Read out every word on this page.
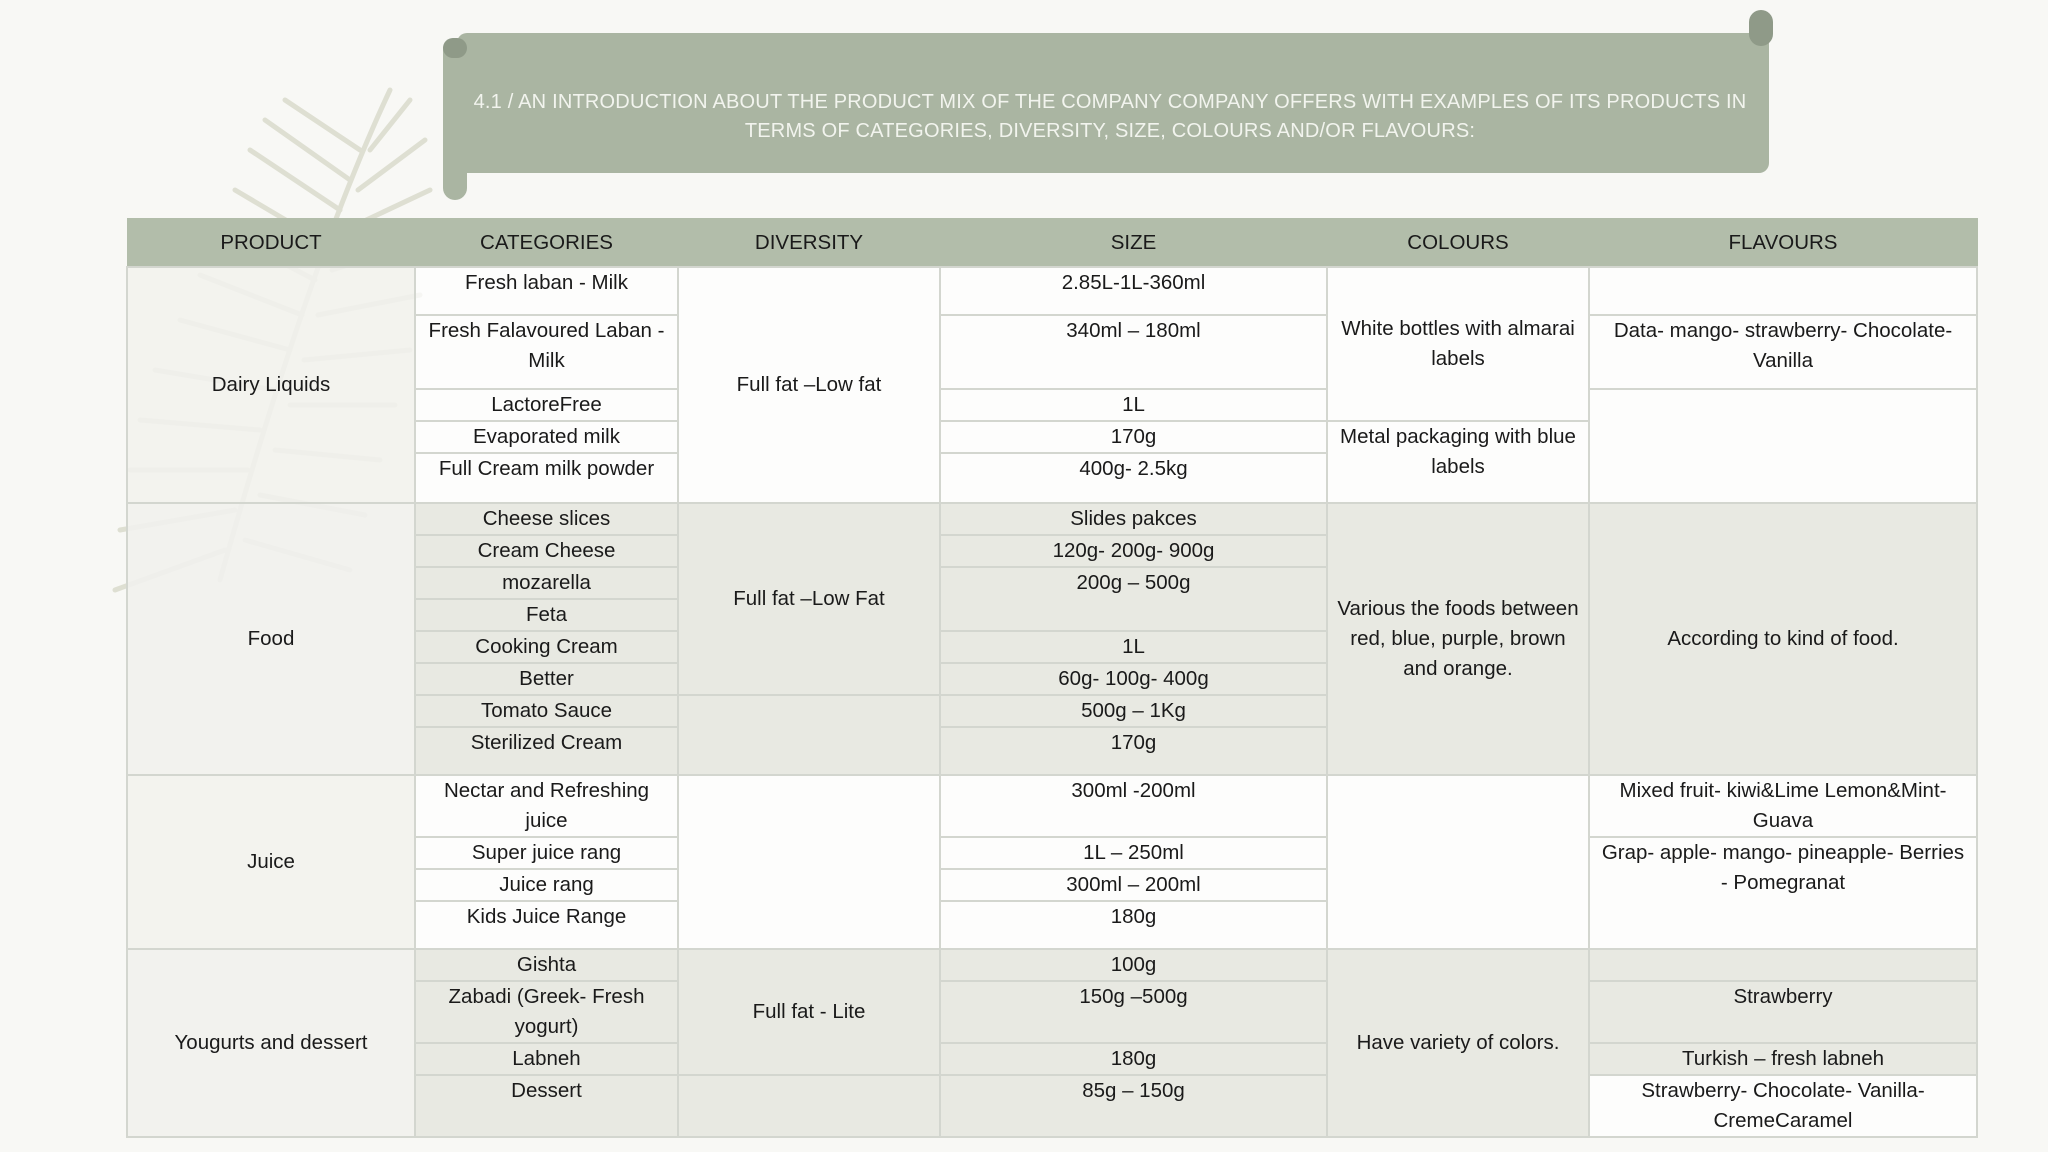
4.1 / AN INTRODUCTION ABOUT THE PRODUCT MIX OF THE COMPANY COMPANY OFFERS WITH EXAMPLES OF ITS PRODUCTS IN
TERMS OF CATEGORIES, DIVERSITY, SIZE, COLOURS AND/OR FLAVOURS:
PRODUCT	CATEGORIES	DIVERSITY	SIZE	COLOURS	FLAVOURS
Dairy Liquids	Fresh laban - Milk	Full fat –Low fat	2.85L-1L-360ml	White bottles with almarai labels	
	Fresh Falavoured Laban - Milk		340ml – 180ml		Data- mango- strawberry- Chocolate- Vanilla
	LactoreFree		1L		
	Evaporated milk		170g	Metal packaging with blue labels	
	Full Cream milk powder		400g- 2.5kg		
Food	Cheese slices	Full fat –Low Fat	Slides pakces	Various the foods between red, blue, purple, brown and orange.	According to kind of food.
	Cream Cheese		120g- 200g- 900g		
	mozarella		200g – 500g		
	Feta				
	Cooking Cream		1L		
	Better		60g- 100g- 400g		
	Tomato Sauce		500g – 1Kg		
	Sterilized Cream		170g		
Juice	Nectar and Refreshing juice		300ml -200ml		Mixed fruit- kiwi&Lime Lemon&Mint- Guava
	Super juice rang		1L – 250ml		Grap- apple- mango- pineapple- Berries - Pomegranat
	Juice rang		300ml – 200ml		
	Kids Juice Range		180g		
Yougurts and dessert	Gishta	Full fat - Lite	100g	Have variety of colors.	
	Zabadi (Greek- Fresh yogurt)		150g –500g		Strawberry
	Labneh		180g		Turkish – fresh labneh
	Dessert		85g – 150g		Strawberry- Chocolate- Vanilla- CremeCaramel
